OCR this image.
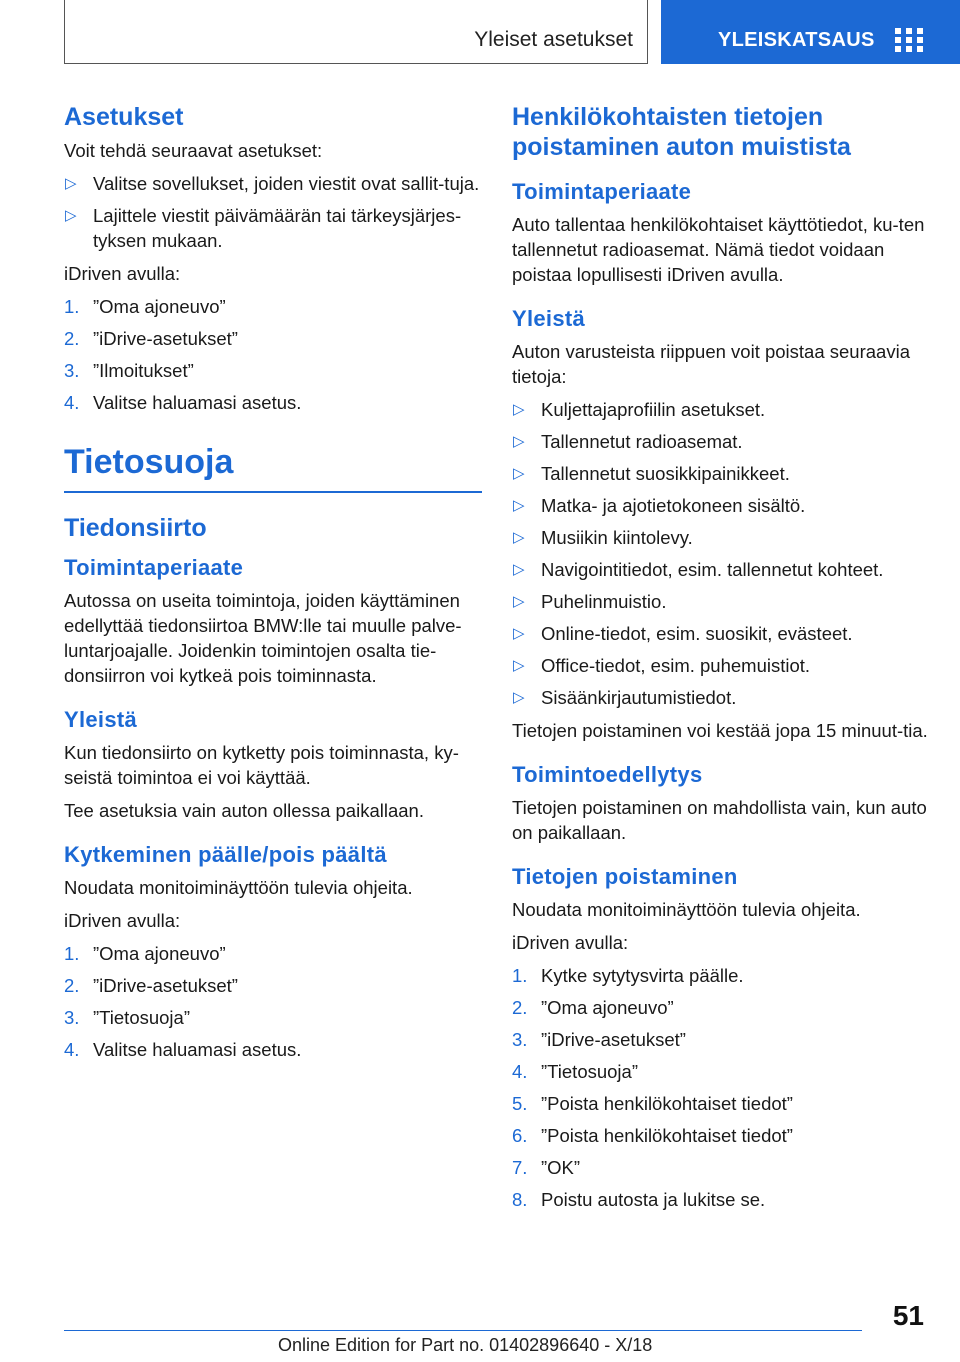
Yleiset asetukset	YLEISKATSAUS
Asetukset

Voit tehdä seuraavat asetukset:

▷ Valitse sovellukset, joiden viestit ovat sallit‐tuja.
▷ Lajittele viestit päivämäärän tai tärkeysjärjes‐tyksen mukaan.

iDriven avulla:

1. ”Oma ajoneuvo”
2. ”iDrive-asetukset”
3. ”Ilmoitukset”
4. Valitse haluamasi asetus.
Tietosuoja
Tiedonsiirto
Toimintaperiaate

Autossa on useita toimintoja, joiden käyttäminen edellyttää tiedonsiirtoa BMW:lle tai muulle palve‐luntarjoajalle. Joidenkin toimintojen osalta tie‐donsiirron voi kytkeä pois toiminnasta.

Yleistä

Kun tiedonsiirto on kytketty pois toiminnasta, ky‐seistä toimintoa ei voi käyttää.

Tee asetuksia vain auton ollessa paikallaan.

Kytkeminen päälle/pois päältä

Noudata monitoiminäyttöön tulevia ohjeita.

iDriven avulla:

1. ”Oma ajoneuvo”
2. ”iDrive-asetukset”
3. ”Tietosuoja”
4. Valitse haluamasi asetus.
Henkilökohtaisten tietojen poistaminen auton muistista
Toimintaperiaate

Auto tallentaa henkilökohtaiset käyttötiedot, ku‐ten tallennetut radioasemat. Nämä tiedot voidaan poistaa lopullisesti iDriven avulla.

Yleistä

Auton varusteista riippuen voit poistaa seuraavia tietoja:

▷ Kuljettajaprofiilin asetukset.
▷ Tallennetut radioasemat.
▷ Tallennetut suosikkipainikkeet.
▷ Matka- ja ajotietokoneen sisältö.
▷ Musiikin kiintolevy.
▷ Navigointitiedot, esim. tallennetut kohteet.
▷ Puhelinmuistio.
▷ Online-tiedot, esim. suosikit, evästeet.
▷ Office-tiedot, esim. puhemuistiot.
▷ Sisäänkirjautumistiedot.

Tietojen poistaminen voi kestää jopa 15 minuut‐tia.

Toimintoedellytys

Tietojen poistaminen on mahdollista vain, kun auto on paikallaan.

Tietojen poistaminen

Noudata monitoiminäyttöön tulevia ohjeita.

iDriven avulla:

1. Kytke sytytysvirta päälle.
2. ”Oma ajoneuvo”
3. ”iDrive-asetukset”
4. ”Tietosuoja”
5. ”Poista henkilökohtaiset tiedot”
6. ”Poista henkilökohtaiset tiedot”
7. ”OK”
8. Poistu autosta ja lukitse se.
51
Online Edition for Part no. 01402896640 - X/18
